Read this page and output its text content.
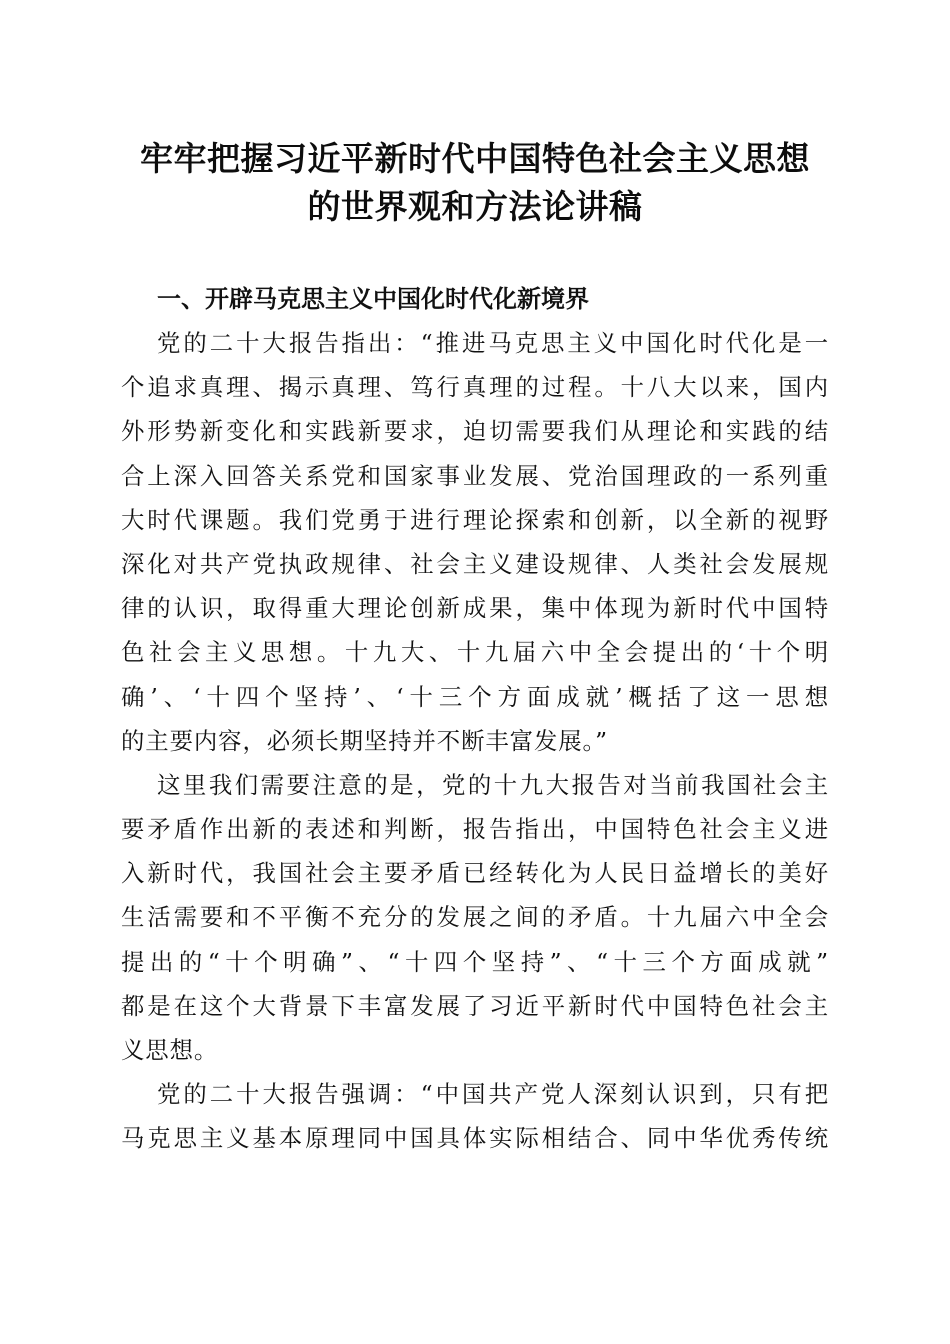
牢牢把握习近平新时代中国特色社会主义思想
的世界观和方法论讲稿
一、开辟马克思主义中国化时代化新境界

党的二十大报告指出：“推进马克思主义中国化时代化是一
个追求真理、揭示真理、笃行真理的过程。十八大以来，国内
外形势新变化和实践新要求，迫切需要我们从理论和实践的结
合上深入回答关系党和国家事业发展、党治国理政的一系列重
大时代课题。我们党勇于进行理论探索和创新，以全新的视野
深化对共产党执政规律、社会主义建设规律、人类社会发展规
律的认识，取得重大理论创新成果，集中体现为新时代中国特
色社会主义思想。十九大、十九届六中全会提出的‘十个明
确’、‘十四个坚持’、‘十三个方面成就’概括了这一思想
的主要内容，必须长期坚持并不断丰富发展。”

这里我们需要注意的是，党的十九大报告对当前我国社会主
要矛盾作出新的表述和判断，报告指出，中国特色社会主义进
入新时代，我国社会主要矛盾已经转化为人民日益增长的美好
生活需要和不平衡不充分的发展之间的矛盾。十九届六中全会
提出的“十个明确”、“十四个坚持”、“十三个方面成就”
都是在这个大背景下丰富发展了习近平新时代中国特色社会主
义思想。

党的二十大报告强调：“中国共产党人深刻认识到，只有把
马克思主义基本原理同中国具体实际相结合、同中华优秀传统
